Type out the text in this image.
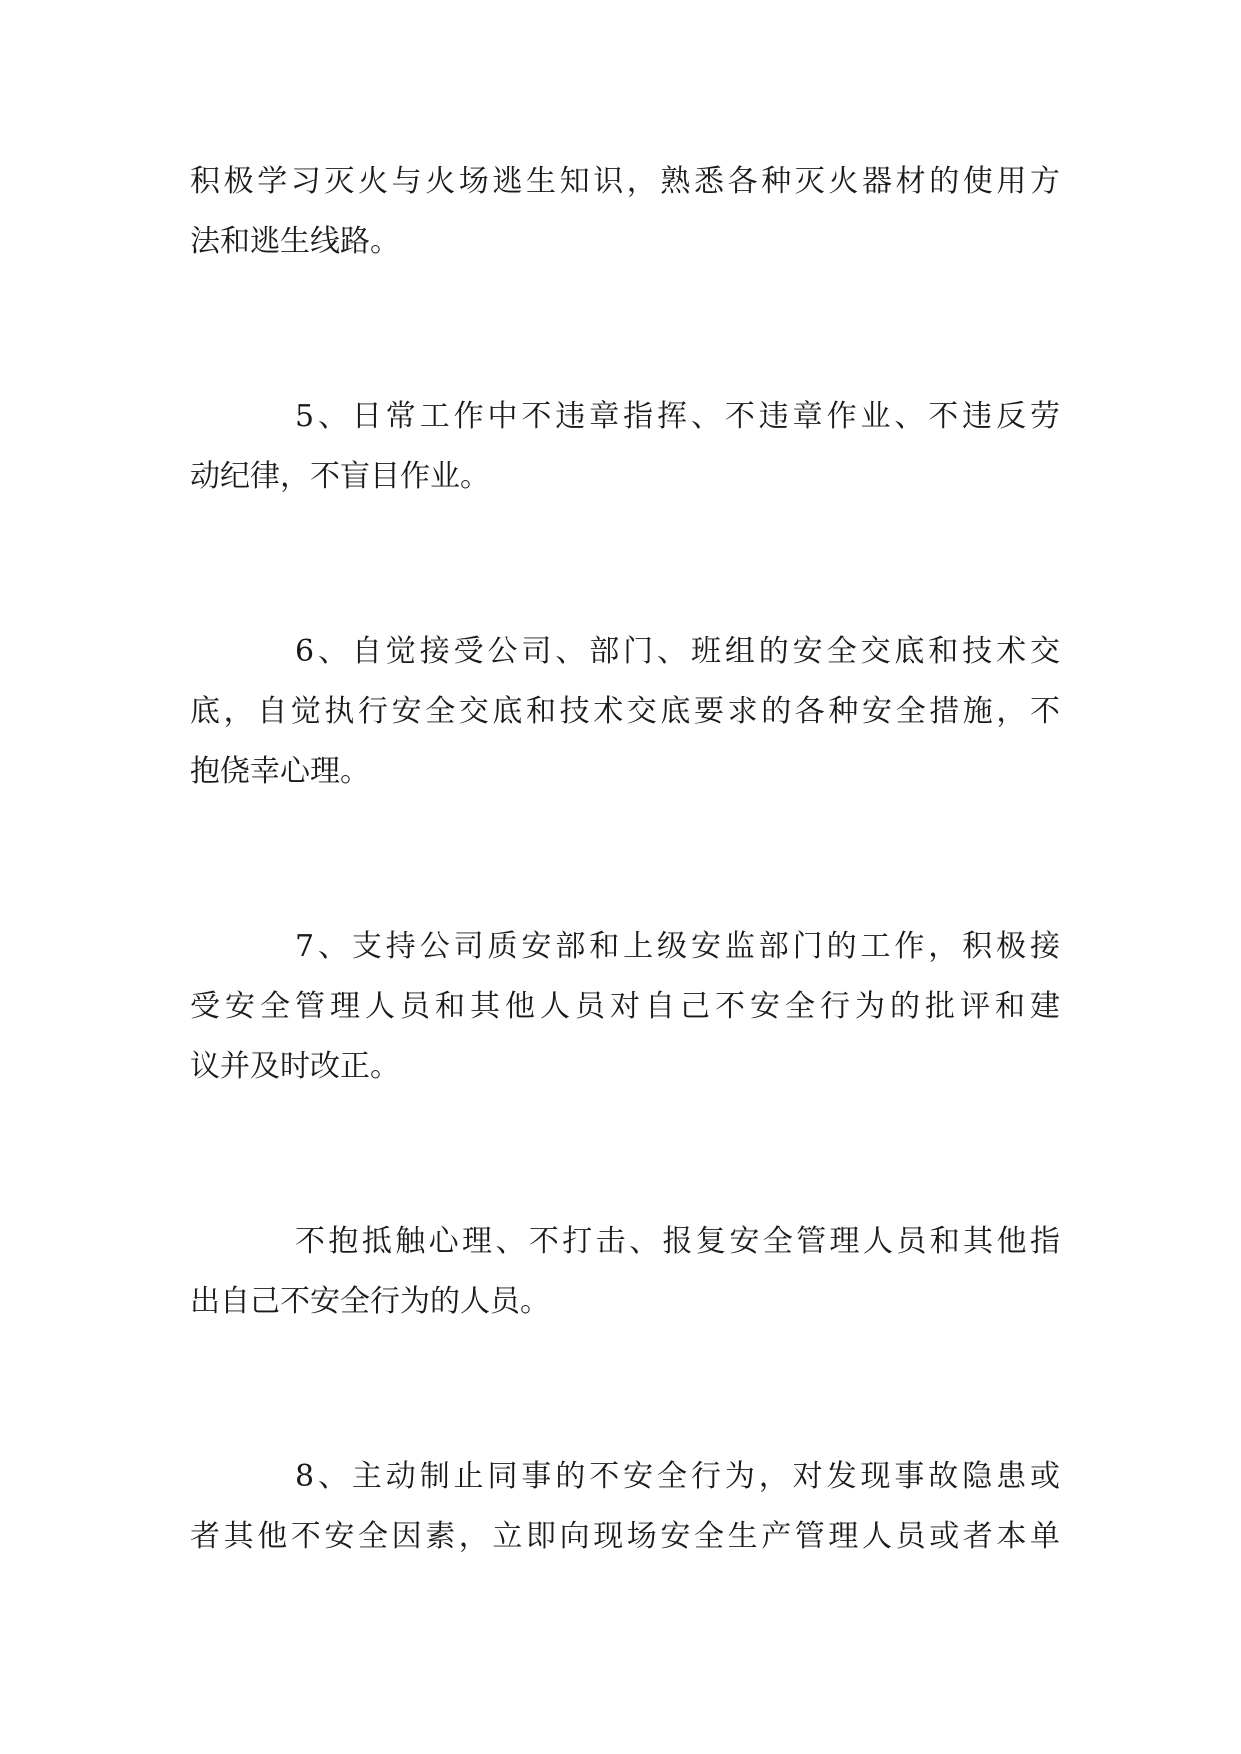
积极学习灭火与火场逃生知识，熟悉各种灭火器材的使用方
法和逃生线路。
5、日常工作中不违章指挥、不违章作业、不违反劳
动纪律，不盲目作业。
6、自觉接受公司、部门、班组的安全交底和技术交
底，自觉执行安全交底和技术交底要求的各种安全措施，不
抱侥幸心理。
7、支持公司质安部和上级安监部门的工作，积极接
受安全管理人员和其他人员对自己不安全行为的批评和建
议并及时改正。
不抱抵触心理、不打击、报复安全管理人员和其他指
出自己不安全行为的人员。
8、主动制止同事的不安全行为，对发现事故隐患或
者其他不安全因素，立即向现场安全生产管理人员或者本单
